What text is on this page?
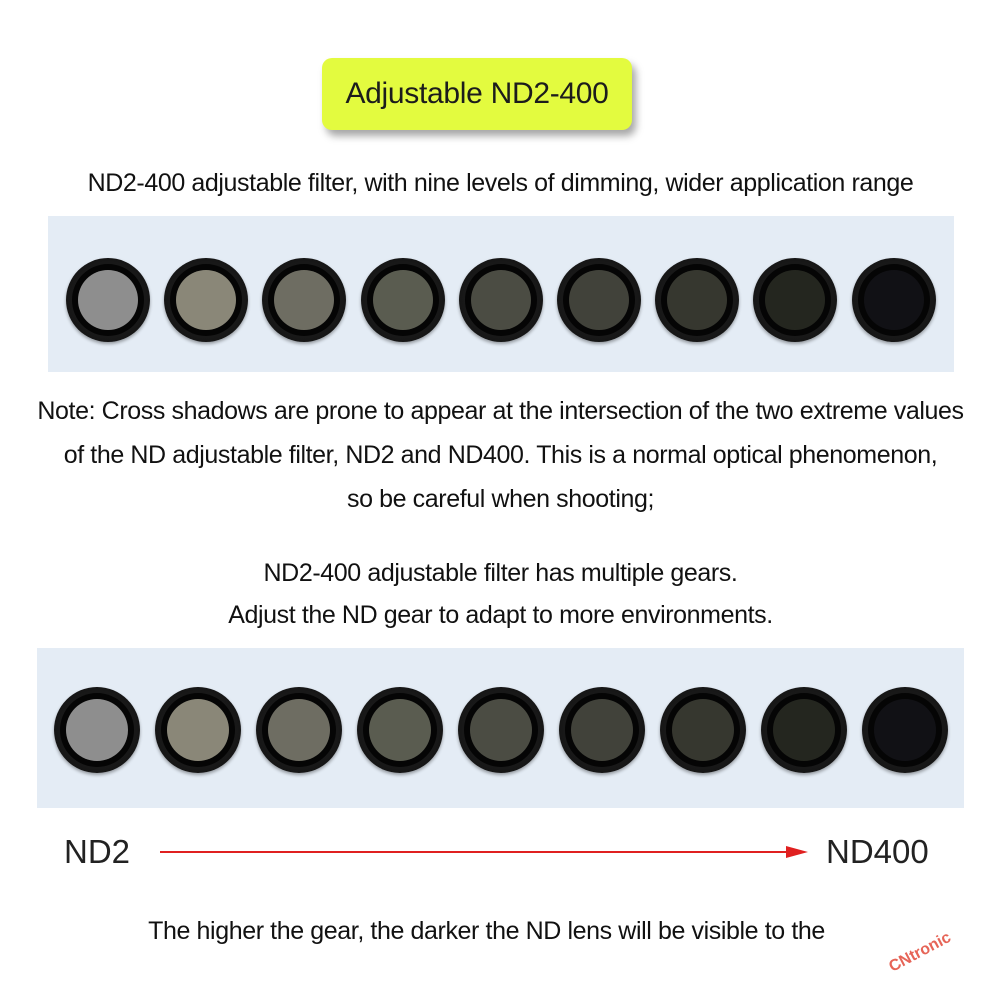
Adjustable ND2-400
ND2-400 adjustable filter, with nine levels of dimming, wider application range
Note: Cross shadows are prone to appear at the intersection of the two extreme values
of the ND adjustable filter, ND2 and ND400. This is a normal optical phenomenon,
so be careful when shooting;
ND2-400 adjustable filter has multiple gears.
Adjust the ND gear to adapt to more environments.
ND2	ND400
The higher the gear, the darker the ND lens will be visible to the	CNtronic
